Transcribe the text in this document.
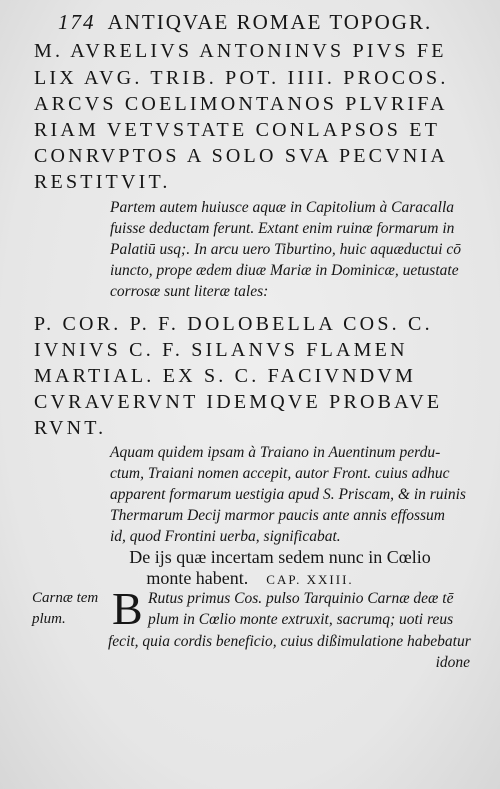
174 ANTIQVAE ROMAE TOPOGR.
M. AVRELIVS ANTONINVS PIVS FE
LIX AVG. TRIB. POT. IIII. PROCOS.
ARCVS COELIMONTANOS PLVRIFA
RIAM VETVSTATE CONLAPSOS ET
CONRVPTOS A SOLO SVA PECVNIA
RESTITVIT.
Partem autem huiusce aquæ in Capitolium à Caracalla
fuisse deductam ferunt. Extant enim ruinæ formarum in
Palatiū usq;. In arcu uero Tiburtino, huic aquæductui cō
iuncto, prope ædem diuæ Mariæ in Dominicæ, uetustate
corrosæ sunt literæ tales:
P. COR. P. F. DOLOBELLA COS. C.
IVNIVS C. F. SILANVS FLAMEN
MARTIAL. EX S. C. FACIVNDVM
CVRAVERVNT IDEMQVE PROBAVE
RVNT.
Aquam quidem ipsam à Traiano in Auentinum perdu-
ctum, Traiani nomen accepit, autor Front. cuius adhuc
apparent formarum uestigia apud S. Priscam, & in ruinis
Thermarum Decij marmor paucis ante annis effossum
id, quod Frontini uerba, significabat.
De ijs quæ incertam sedem nunc in Cœlio
monte habent. CAP. XXIII.
Carnæ tem
plum. B Rutus primus Cos. pulso Tarquinio Carnæ deæ tē
plum in Cœlio monte extruxit, sacrumq; uoti reus
fecit, quia cordis beneficio, cuius dißimulatione habebatur
idone
